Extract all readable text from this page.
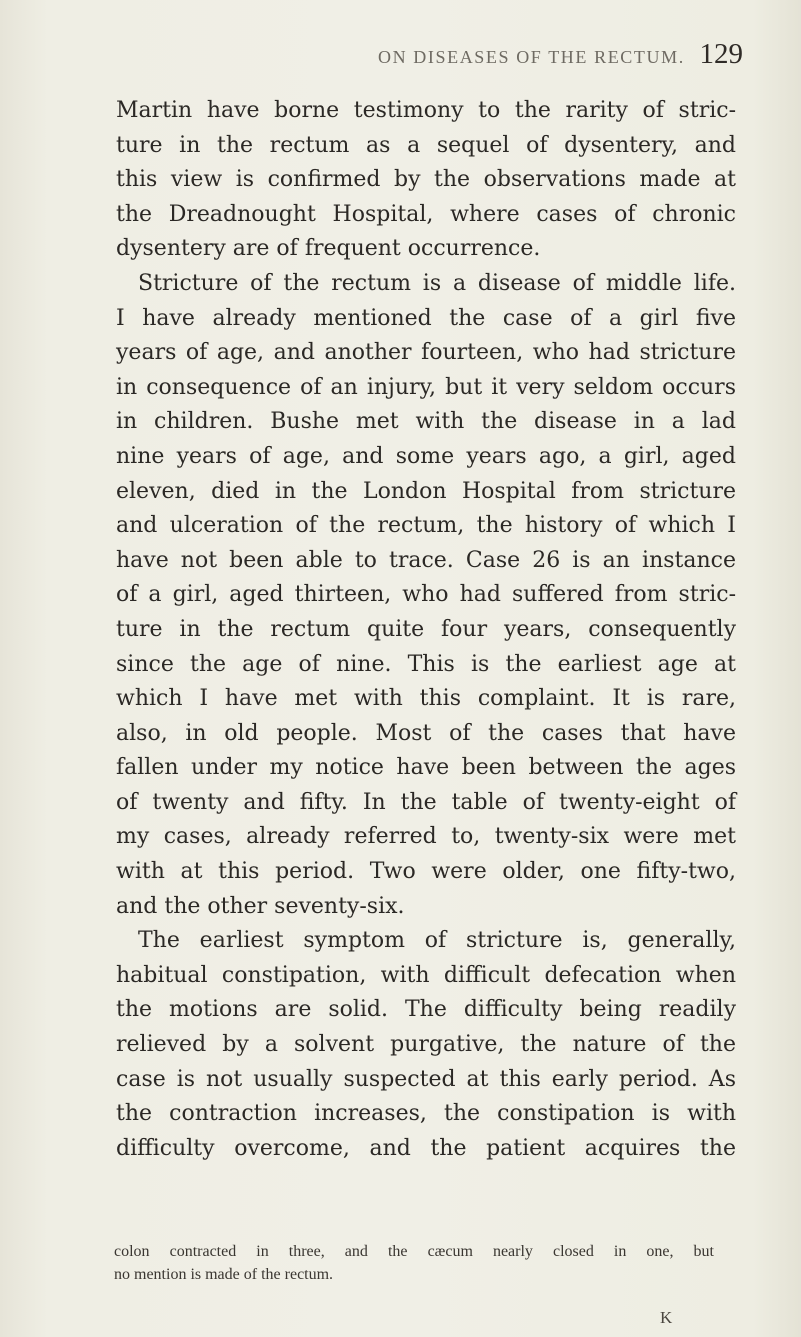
ON DISEASES OF THE RECTUM. 129
Martin have borne testimony to the rarity of stric-
ture in the rectum as a sequel of dysentery, and
this view is confirmed by the observations made at
the Dreadnought Hospital, where cases of chronic
dysentery are of frequent occurrence.
Stricture of the rectum is a disease of middle life.
I have already mentioned the case of a girl five
years of age, and another fourteen, who had stricture
in consequence of an injury, but it very seldom occurs
in children. Bushe met with the disease in a lad
nine years of age, and some years ago, a girl, aged
eleven, died in the London Hospital from stricture
and ulceration of the rectum, the history of which I
have not been able to trace. Case 26 is an instance
of a girl, aged thirteen, who had suffered from stric-
ture in the rectum quite four years, consequently
since the age of nine. This is the earliest age at
which I have met with this complaint. It is rare,
also, in old people. Most of the cases that have
fallen under my notice have been between the ages
of twenty and fifty. In the table of twenty-eight of
my cases, already referred to, twenty-six were met
with at this period. Two were older, one fifty-two,
and the other seventy-six.
The earliest symptom of stricture is, generally,
habitual constipation, with difficult defecation when
the motions are solid. The difficulty being readily
relieved by a solvent purgative, the nature of the
case is not usually suspected at this early period. As
the contraction increases, the constipation is with
difficulty overcome, and the patient acquires the
colon contracted in three, and the cæcum nearly closed in one, but
no mention is made of the rectum.
K
